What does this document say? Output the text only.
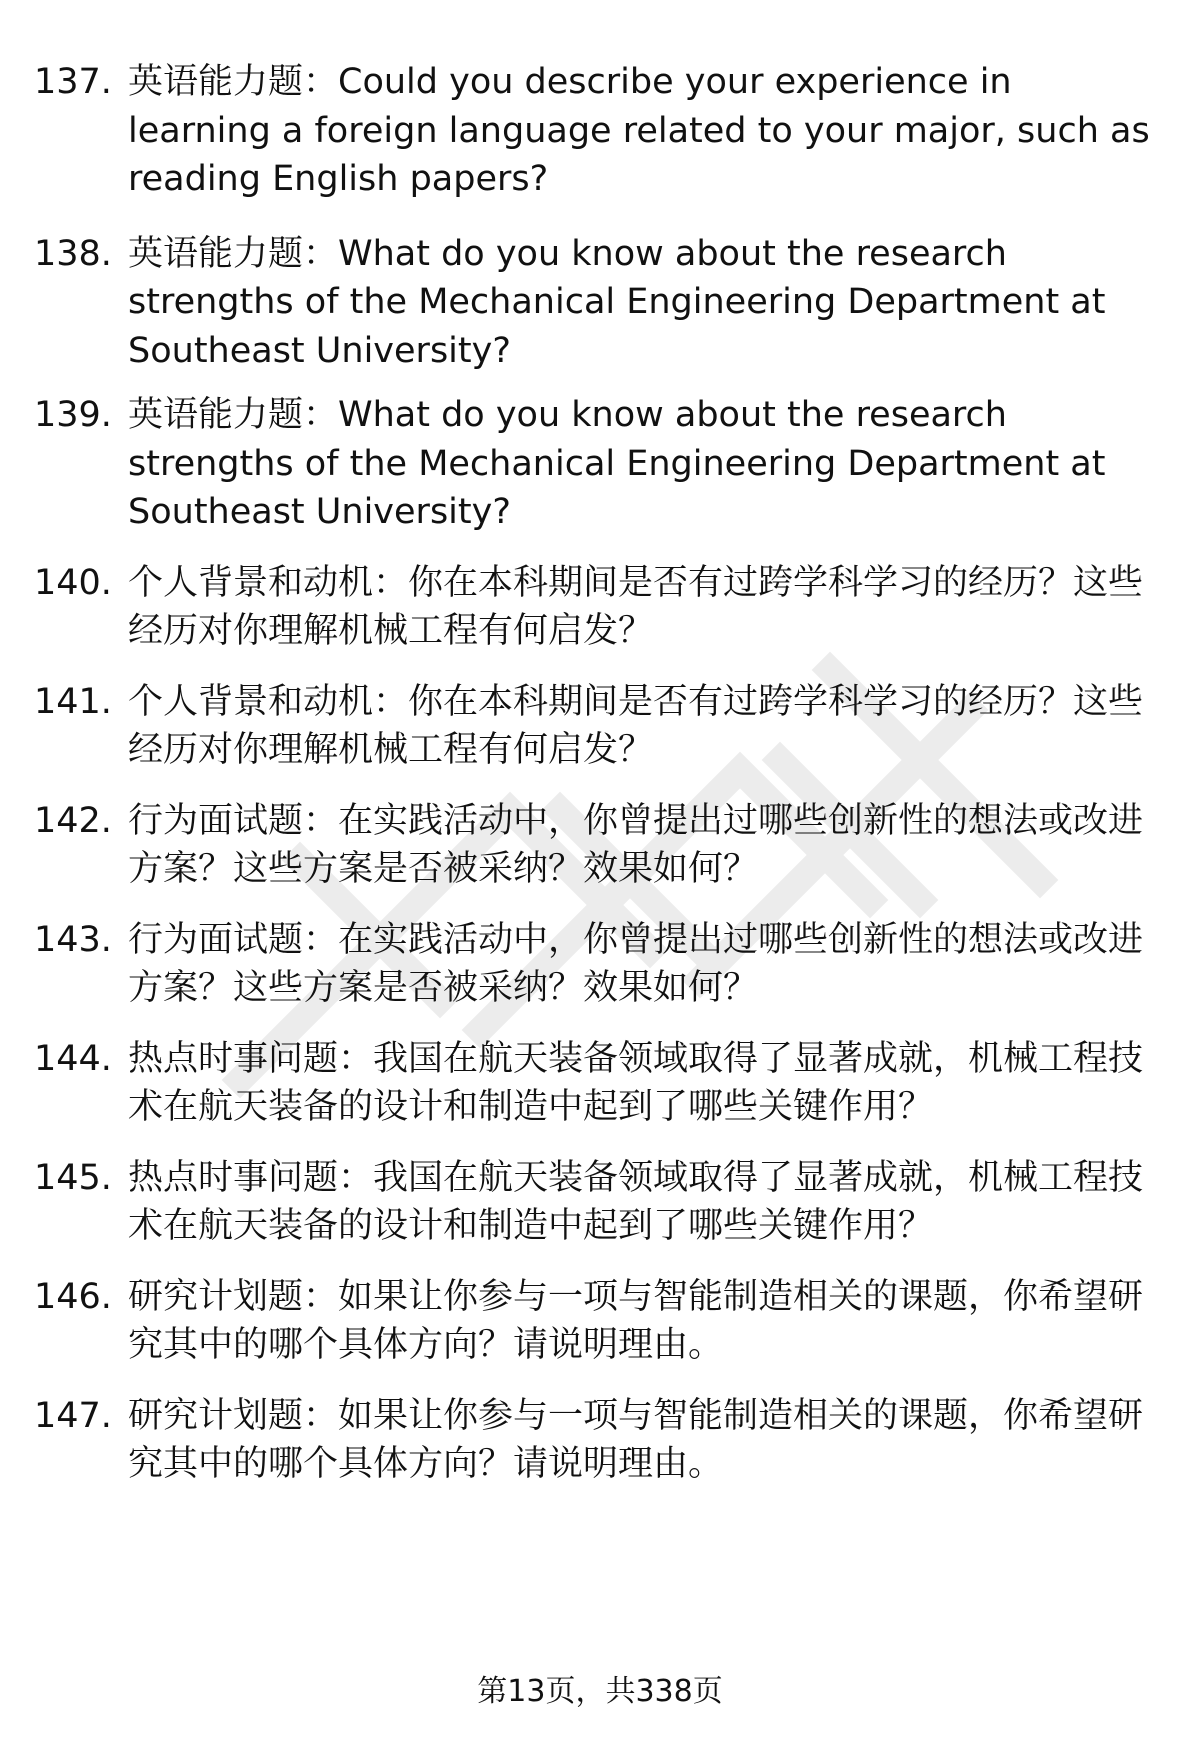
137. 英语能力题：Could you describe your experience in learning a foreign language related to your major, such as reading English papers?
138. 英语能力题：What do you know about the research strengths of the Mechanical Engineering Department at Southeast University?
139. 英语能力题：What do you know about the research strengths of the Mechanical Engineering Department at Southeast University?
140. 个人背景和动机：你在本科期间是否有过跨学科学习的经历？这些经历对你理解机械工程有何启发？
141. 个人背景和动机：你在本科期间是否有过跨学科学习的经历？这些经历对你理解机械工程有何启发？
142. 行为面试题：在实践活动中，你曾提出过哪些创新性的想法或改进方案？这些方案是否被采纳？效果如何？
143. 行为面试题：在实践活动中，你曾提出过哪些创新性的想法或改进方案？这些方案是否被采纳？效果如何？
144. 热点时事问题：我国在航天装备领域取得了显著成就，机械工程技术在航天装备的设计和制造中起到了哪些关键作用？
145. 热点时事问题：我国在航天装备领域取得了显著成就，机械工程技术在航天装备的设计和制造中起到了哪些关键作用？
146. 研究计划题：如果让你参与一项与智能制造相关的课题，你希望研究其中的哪个具体方向？请说明理由。
147. 研究计划题：如果让你参与一项与智能制造相关的课题，你希望研究其中的哪个具体方向？请说明理由。
第13页，共338页
